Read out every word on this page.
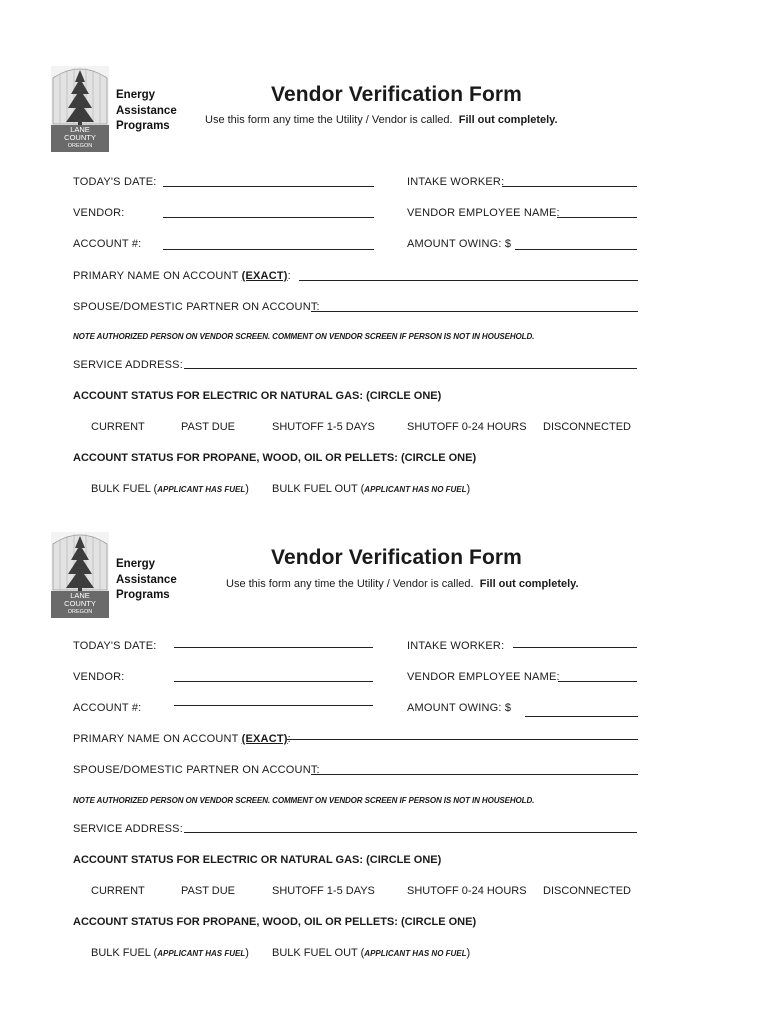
LANE
COUNTY
OREGON
Energy
Assistance
Programs
Vendor Verification Form
Use this form any time the Utility / Vendor is called. Fill out completely.
TODAY'S DATE:	INTAKE WORKER:
VENDOR:	VENDOR EMPLOYEE NAME:
ACCOUNT #:	AMOUNT OWING: $
PRIMARY NAME ON ACCOUNT (EXACT):
SPOUSE/DOMESTIC PARTNER ON ACCOUNT:
NOTE AUTHORIZED PERSON ON VENDOR SCREEN. COMMENT ON VENDOR SCREEN IF PERSON IS NOT IN HOUSEHOLD.
SERVICE ADDRESS:
ACCOUNT STATUS FOR ELECTRIC OR NATURAL GAS: (CIRCLE ONE)
CURRENT	PAST DUE	SHUTOFF 1-5 DAYS	SHUTOFF 0-24 HOURS DISCONNECTED
ACCOUNT STATUS FOR PROPANE, WOOD, OIL OR PELLETS: (CIRCLE ONE)
BULK FUEL (APPLICANT HAS FUEL) BULK FUEL OUT (APPLICANT HAS NO FUEL)
LANE
COUNTY
OREGON
Energy
Assistance
Programs
Vendor Verification Form
Use this form any time the Utility / Vendor is called. Fill out completely.
TODAY'S DATE:	INTAKE WORKER:
VENDOR:	VENDOR EMPLOYEE NAME:
ACCOUNT #:	AMOUNT OWING: $
PRIMARY NAME ON ACCOUNT (EXACT):
SPOUSE/DOMESTIC PARTNER ON ACCOUNT:
NOTE AUTHORIZED PERSON ON VENDOR SCREEN. COMMENT ON VENDOR SCREEN IF PERSON IS NOT IN HOUSEHOLD.
SERVICE ADDRESS:
ACCOUNT STATUS FOR ELECTRIC OR NATURAL GAS: (CIRCLE ONE)
CURRENT	PAST DUE	SHUTOFF 1-5 DAYS	SHUTOFF 0-24 HOURS DISCONNECTED
ACCOUNT STATUS FOR PROPANE, WOOD, OIL OR PELLETS: (CIRCLE ONE)
BULK FUEL (APPLICANT HAS FUEL) BULK FUEL OUT (APPLICANT HAS NO FUEL)
